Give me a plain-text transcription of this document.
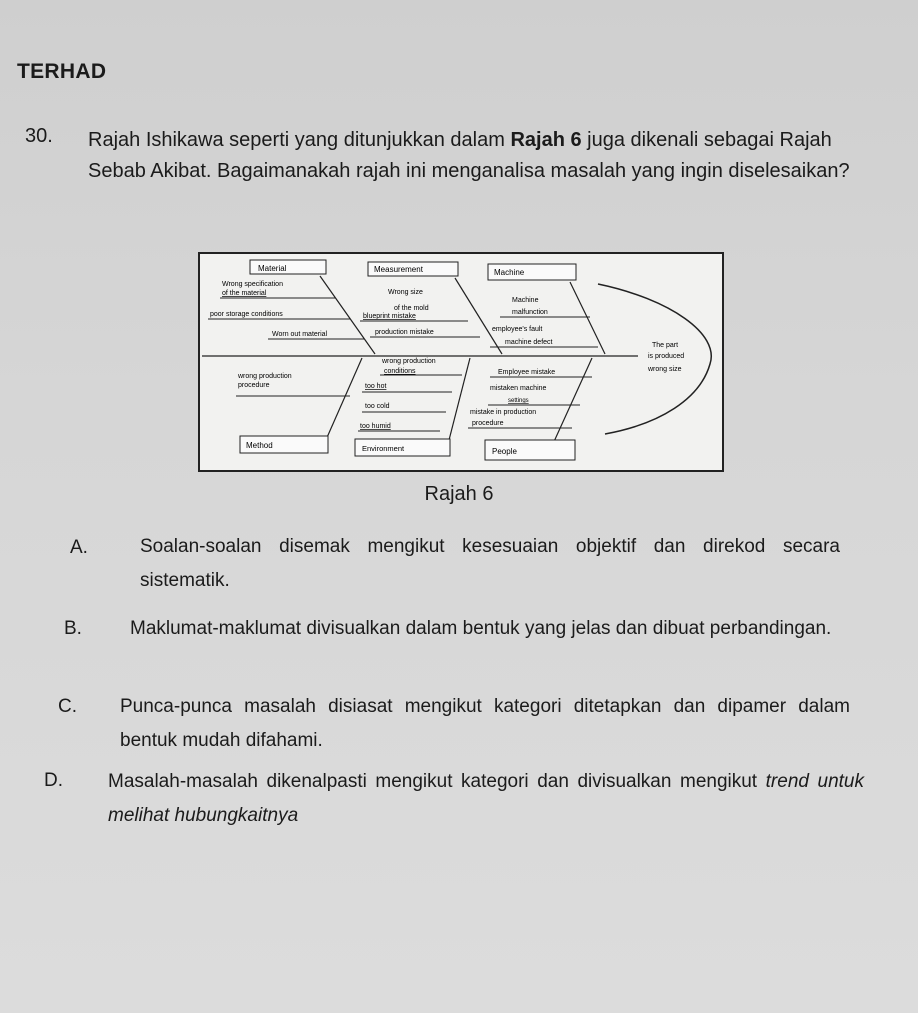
TERHAD
30. Rajah Ishikawa seperti yang ditunjukkan dalam Rajah 6 juga dikenali sebagai Rajah Sebab Akibat. Bagaimanakah rajah ini menganalisa masalah yang ingin diselesaikan?
Material	Measurement	Machine
Wrong specification
of the material
poor storage conditions
Worn out material
Wrong size
of the mold
blueprint mistake
production mistake
Machine
malfunction
employee's fault
machine defect	The part
is produced
wrong size
wrong production
procedure
wrong production
conditions
too hot
too cold
too humid
Employee mistake
mistaken machine
settings
mistake in production
procedure
Method	Environment	People
Rajah 6
A.	Soalan-soalan disemak mengikut kesesuaian objektif dan direkod secara sistematik.
B.	Maklumat-maklumat divisualkan dalam bentuk yang jelas dan dibuat perbandingan.
C. Punca-punca masalah disiasat mengikut kategori ditetapkan dan dipamer dalam bentuk mudah difahami.
D. Masalah-masalah dikenalpasti mengikut kategori dan divisualkan mengikut trend untuk melihat hubungkaitnya
